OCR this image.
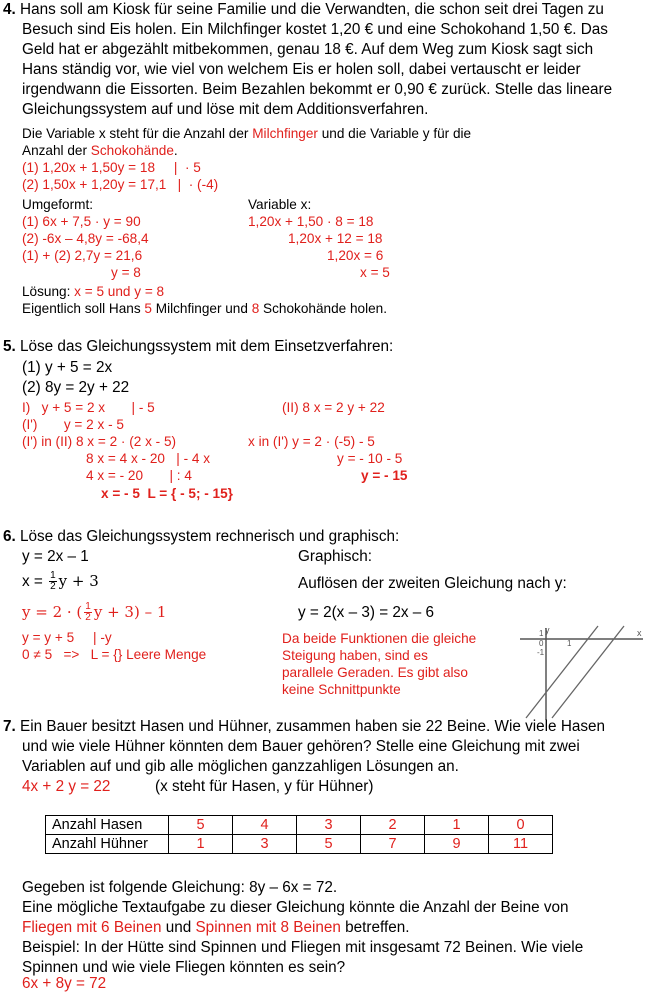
4. Hans soll am Kiosk für seine Familie und die Verwandten, die schon seit drei Tagen zu
Besuch sind Eis holen. Ein Milchfinger kostet 1,20 € und eine Schokohand 1,50 €. Das
Geld hat er abgezählt mitbekommen, genau 18 €. Auf dem Weg zum Kiosk sagt sich
Hans ständig vor, wie viel von welchem Eis er holen soll, dabei vertauscht er leider
irgendwann die Eissorten. Beim Bezahlen bekommt er 0,90 € zurück. Stelle das lineare
Gleichungssystem auf und löse mit dem Additionsverfahren.
Die Variable x steht für die Anzahl der Milchfinger und die Variable y für die
Anzahl der Schokohände.
(1) 1,20x + 1,50y = 18     |  · 5
(2) 1,50x + 1,20y = 17,1   |  · (-4)
Umgeformt:	Variable x:
(1) 6x + 7,5 · y = 90
(2) -6x – 4,8y = -68,4
(1) + (2) 2,7y = 21,6
y = 8
1,20x + 1,50 · 8 = 18
1,20x + 12 = 18
1,20x = 6
x = 5
Lösung: x = 5 und y = 8
Eigentlich soll Hans 5 Milchfinger und 8 Schokohände holen.
5. Löse das Gleichungssystem mit dem Einsetzverfahren:
(1) y + 5 = 2x
(2) 8y = 2y + 22
I)   y + 5 = 2 x       | - 5
(I')       y = 2 x - 5
(I') in (II) 8 x = 2 · (2 x - 5)
8 x = 4 x - 20   | - 4 x
4 x = - 20       | : 4
x = - 5  L = { - 5; - 15}
(II) 8 x = 2 y + 22
x in (I') y = 2 · (-5) - 5
y = - 10 - 5
y = - 15
6. Löse das Gleichungssystem rechnerisch und graphisch:
y = 2x – 1
$x = \frac{1}{2}$ y + 3
y = 2 · ( $\frac{1}{2}$ y + 3) – 1
y = y + 5     | -y
0 ≠ 5   =>   L = {} Leere Menge
Graphisch:
Auflösen der zweiten Gleichung nach y:
y = 2(x – 3) = 2x – 6
Da beide Funktionen die gleiche
Steigung haben, sind es
parallele Geraden. Es gibt also
keine Schnittpunkte
y	x
1
0	1
-1
7. Ein Bauer besitzt Hasen und Hühner, zusammen haben sie 22 Beine. Wie viele Hasen
und wie viele Hühner könnten dem Bauer gehören? Stelle eine Gleichung mit zwei
Variablen auf und gib alle möglichen ganzzahligen Lösungen an.
4x + 2 y = 22	(x steht für Hasen, y für Hühner)
Anzahl Hasen	5	4	3	2	1	0
Anzahl Hühner	1	3	5	7	9	11
Gegeben ist folgende Gleichung: 8y – 6x = 72.
Eine mögliche Textaufgabe zu dieser Gleichung könnte die Anzahl der Beine von
Fliegen mit 6 Beinen und Spinnen mit 8 Beinen betreffen.
Beispiel: In der Hütte sind Spinnen und Fliegen mit insgesamt 72 Beinen. Wie viele
Spinnen und wie viele Fliegen könnten es sein?
6x + 8y = 72
